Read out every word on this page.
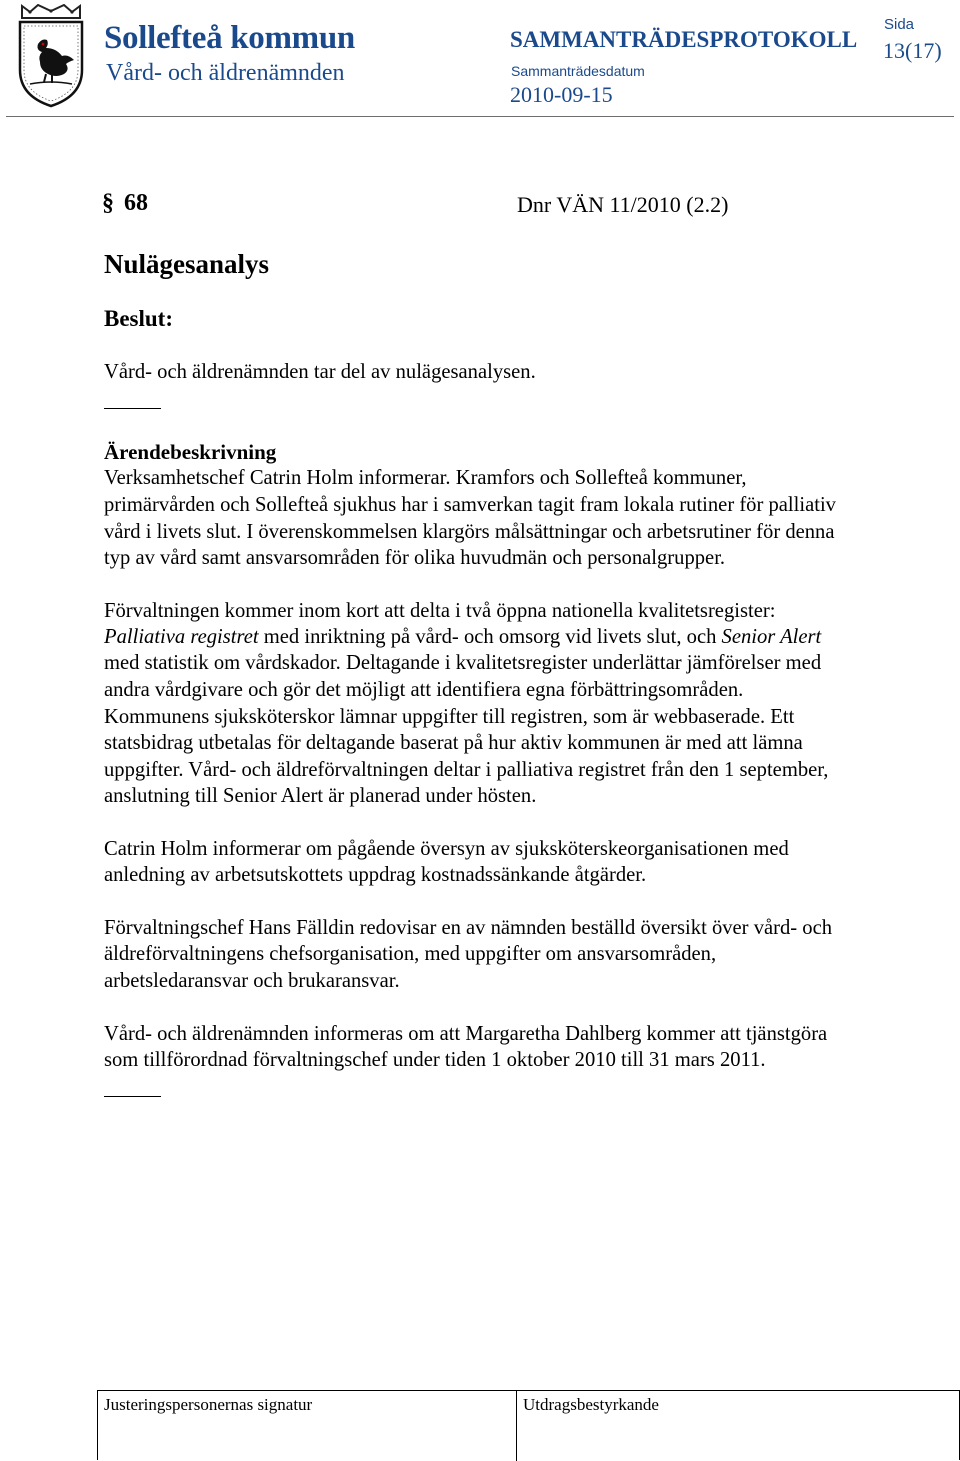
Sollefteå kommun
Vård- och äldrenämnden
SAMMANTRÄDESPROTOKOLL
Sammanträdesdatum
2010-09-15
Sida
13(17)
§ 68	Dnr VÄN 11/2010 (2.2)
Nulägesanalys
Beslut:
Vård- och äldrenämnden tar del av nulägesanalysen.
Ärendebeskrivning
Verksamhetschef Catrin Holm informerar. Kramfors och Sollefteå kommuner,
primärvården och Sollefteå sjukhus har i samverkan tagit fram lokala rutiner för palliativ
vård i livets slut. I överenskommelsen klargörs målsättningar och arbetsrutiner för denna
typ av vård samt ansvarsområden för olika huvudmän och personalgrupper.
Förvaltningen kommer inom kort att delta i två öppna nationella kvalitetsregister:
Palliativa registret med inriktning på vård- och omsorg vid livets slut, och Senior Alert
med statistik om vårdskador. Deltagande i kvalitetsregister underlättar jämförelser med
andra vårdgivare och gör det möjligt att identifiera egna förbättringsområden.
Kommunens sjuksköterskor lämnar uppgifter till registren, som är webbaserade. Ett
statsbidrag utbetalas för deltagande baserat på hur aktiv kommunen är med att lämna
uppgifter. Vård- och äldreförvaltningen deltar i palliativa registret från den 1 september,
anslutning till Senior Alert är planerad under hösten.
Catrin Holm informerar om pågående översyn av sjuksköterskeorganisationen med
anledning av arbetsutskottets uppdrag kostnadssänkande åtgärder.
Förvaltningschef Hans Fälldin redovisar en av nämnden beställd översikt över vård- och
äldreförvaltningens chefsorganisation, med uppgifter om ansvarsområden,
arbetsledaransvar och brukaransvar.
Vård- och äldrenämnden informeras om att Margaretha Dahlberg kommer att tjänstgöra
som tillförordnad förvaltningschef under tiden 1 oktober 2010 till 31 mars 2011.
Justeringspersonernas signatur	Utdragsbestyrkande
